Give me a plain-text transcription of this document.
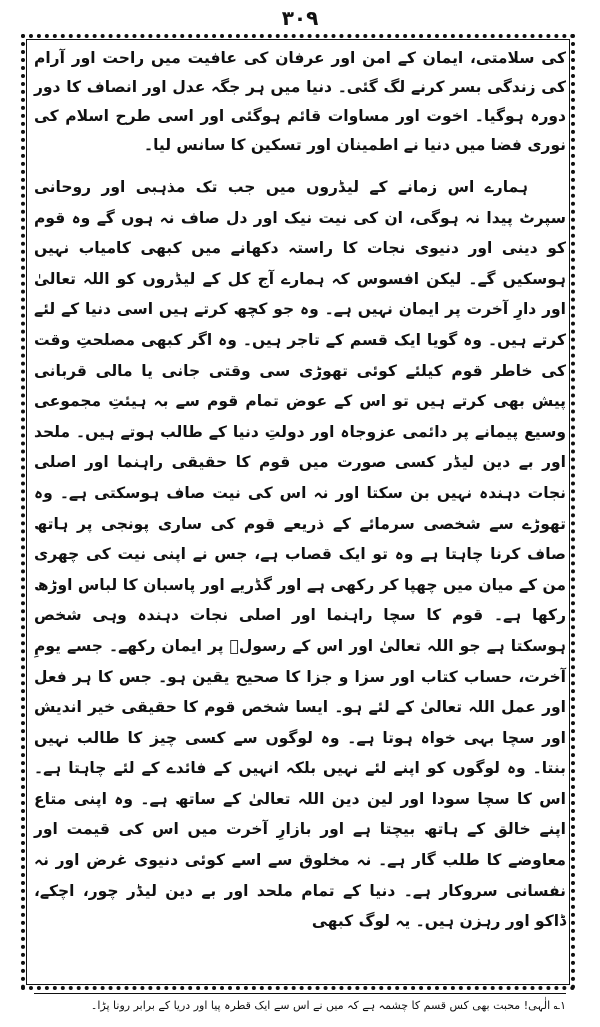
۳۰۹

کی سلامتی، ایمان کے امن اور عرفان کی عافیت میں راحت اور آرام کی زندگی بسر کرنے لگ گئی۔ دنیا میں ہر جگہ عدل اور انصاف کا دور دورہ ہوگیا۔ اخوت اور مساوات قائم ہوگئی اور اسی طرح اسلام کی نوری فضا میں دنیا نے اطمینان اور تسکین کا سانس لیا۔

ہمارے اس زمانے کے لیڈروں میں جب تک مذہبی اور روحانی سپرٹ پیدا نہ ہوگی، ان کی نیت نیک اور دل صاف نہ ہوں گے وہ قوم کو دینی اور دنیوی نجات کا راستہ دکھانے میں کبھی کامیاب نہیں ہوسکیں گے۔ لیکن افسوس کہ ہمارے آج کل کے لیڈروں کو اللہ تعالیٰ اور دارِ آخرت پر ایمان نہیں ہے۔ وہ جو کچھ کرتے ہیں اسی دنیا کے لئے کرتے ہیں۔ وہ گویا ایک قسم کے تاجر ہیں۔ وہ اگر کبھی مصلحتِ وقت کی خاطر قوم کیلئے کوئی تھوڑی سی وقتی جانی یا مالی قربانی پیش بھی کرتے ہیں تو اس کے عوض تمام قوم سے بہ ہیئتِ مجموعی وسیع پیمانے پر دائمی عزوجاہ اور دولتِ دنیا کے طالب ہوتے ہیں۔ ملحد اور بے دین لیڈر کسی صورت میں قوم کا حقیقی راہنما اور اصلی نجات دہندہ نہیں بن سکتا اور نہ اس کی نیت صاف ہوسکتی ہے۔ وہ تھوڑے سے شخصی سرمائے کے ذریعے قوم کی ساری پونجی پر ہاتھ صاف کرنا چاہتا ہے وہ تو ایک قصاب ہے، جس نے اپنی نیت کی چھری من کے میان میں چھپا کر رکھی ہے اور گڈریے اور پاسبان کا لباس اوڑھ رکھا ہے۔ قوم کا سچا راہنما اور اصلی نجات دہندہ وہی شخص ہوسکتا ہے جو اللہ تعالیٰ اور اس کے رسولؐ پر ایمان رکھے۔ جسے یومِ آخرت، حساب کتاب اور سزا و جزا کا صحیح یقین ہو۔ جس کا ہر فعل اور عمل اللہ تعالیٰ کے لئے ہو۔ ایسا شخص قوم کا حقیقی خیر اندیش اور سچا بہی خواہ ہوتا ہے۔ وہ لوگوں سے کسی چیز کا طالب نہیں بنتا۔ وہ لوگوں کو اپنے لئے نہیں بلکہ انہیں کے فائدے کے لئے چاہتا ہے۔ اس کا سچا سودا اور لین دین اللہ تعالیٰ کے ساتھ ہے۔ وہ اپنی متاع اپنے خالق کے ہاتھ بیچتا ہے اور بازارِ آخرت میں اس کی قیمت اور معاوضے کا طلب گار ہے۔ نہ مخلوق سے اسے کوئی دنیوی غرض اور نہ نفسانی سروکار ہے۔ دنیا کے تمام ملحد اور بے دین لیڈر چور، اچکے، ڈاکو اور رہزن ہیں۔ یہ لوگ کبھی

۱؎ الٰہی! محبت بھی کس قسم کا چشمہ ہے کہ میں نے اس سے ایک قطرہ پیا اور دریا کے برابر رونا پڑا۔
